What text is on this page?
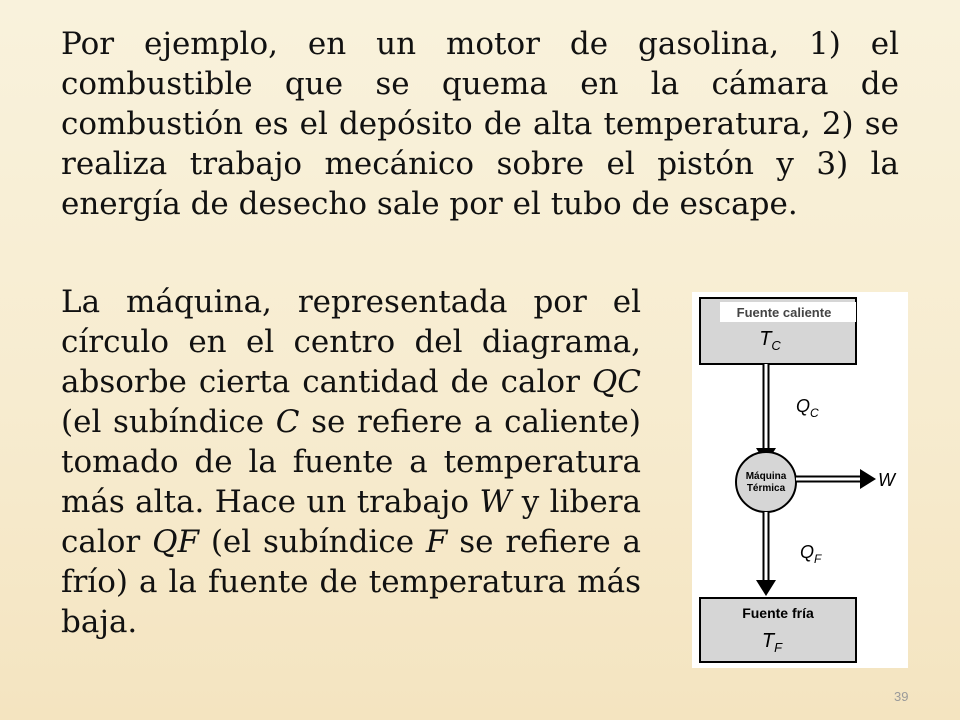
Por ejemplo, en un motor de gasolina, 1) el combustible que se quema en la cámara de combustión es el depósito de alta temperatura, 2) se realiza trabajo mecánico sobre el pistón y 3) la energía de desecho sale por el tubo de escape.

La máquina, representada por el círculo en el centro del diagrama, absorbe cierta cantidad de calor QC (el subíndice C se refiere a caliente) tomado de la fuente a temperatura más alta. Hace un trabajo W y libera calor QF (el subíndice F se refiere a frío) a la fuente de temperatura más baja.

Fuente caliente
$T_C$
$Q_C$
Máquina
Térmica	W
$Q_F$
Fuente fría
$T_F$
39
